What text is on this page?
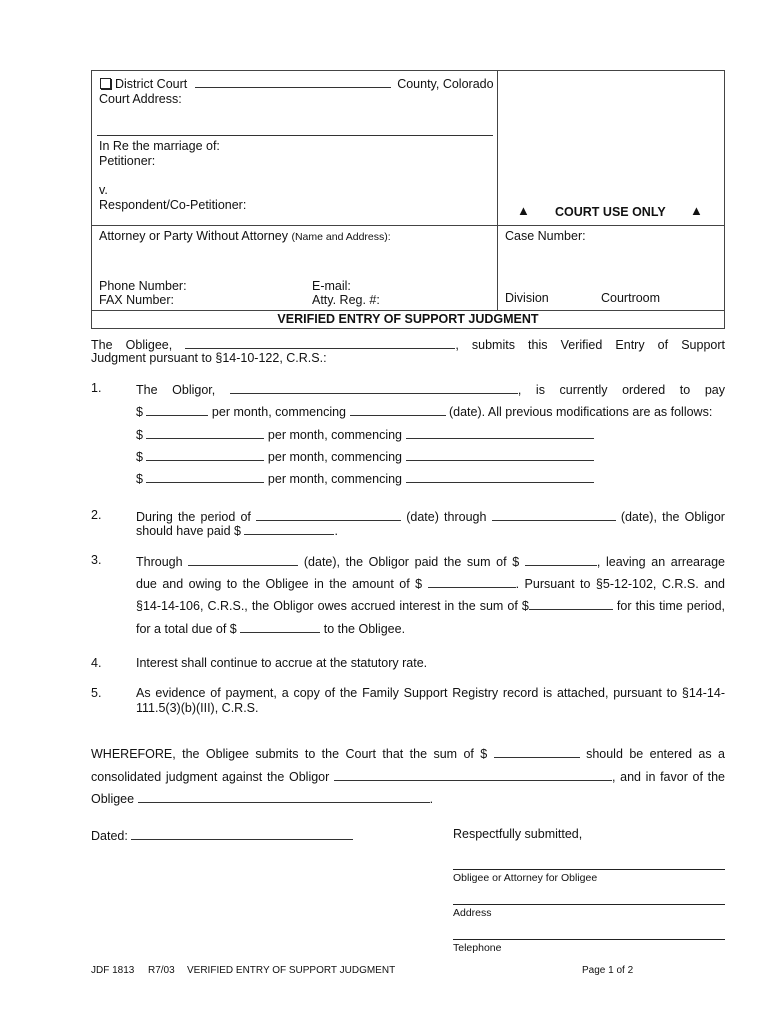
District Court	County, Colorado
Court Address:
In Re the marriage of:
Petitioner:
v.
Respondent/Co-Petitioner:	▲ COURT USE ONLY ▲
Attorney or Party Without Attorney (Name and Address):
Phone Number:
FAX Number:
E-mail:
Atty. Reg. #:
Case Number:
Division	Courtroom
VERIFIED ENTRY OF SUPPORT JUDGMENT
The Obligee,	, submits this Verified Entry of Support
Judgment pursuant to §14-10-122, C.R.S.:
1.	The Obligor,	, is currently ordered to pay
$	per month, commencing	(date). All previous modifications are as follows:
$	per month, commencing
$	per month, commencing
$	per month, commencing
2.	During the period of	(date) through	(date), the Obligor
should have paid $	.
3.	Through	(date), the Obligor paid the sum of $	, leaving an arrearage
due and owing to the Obligee in the amount of $	. Pursuant to §5-12-102, C.R.S. and
§14-14-106, C.R.S., the Obligor owes accrued interest in the sum of $	for this time period,
for a total due of $	to the Obligee.
4.	Interest shall continue to accrue at the statutory rate.
5.	As evidence of payment, a copy of the Family Support Registry record is attached, pursuant to §14-14-
111.5(3)(b)(III), C.R.S.
WHEREFORE, the Obligee submits to the Court that the sum of $	should be entered as a
consolidated judgment against the Obligor	, and in favor of the
Obligee	.
Dated:	Respectfully submitted,
Obligee or Attorney for Obligee
Address
Telephone
JDF 1813 R7/03 VERIFIED ENTRY OF SUPPORT JUDGMENT	Page 1 of 2
